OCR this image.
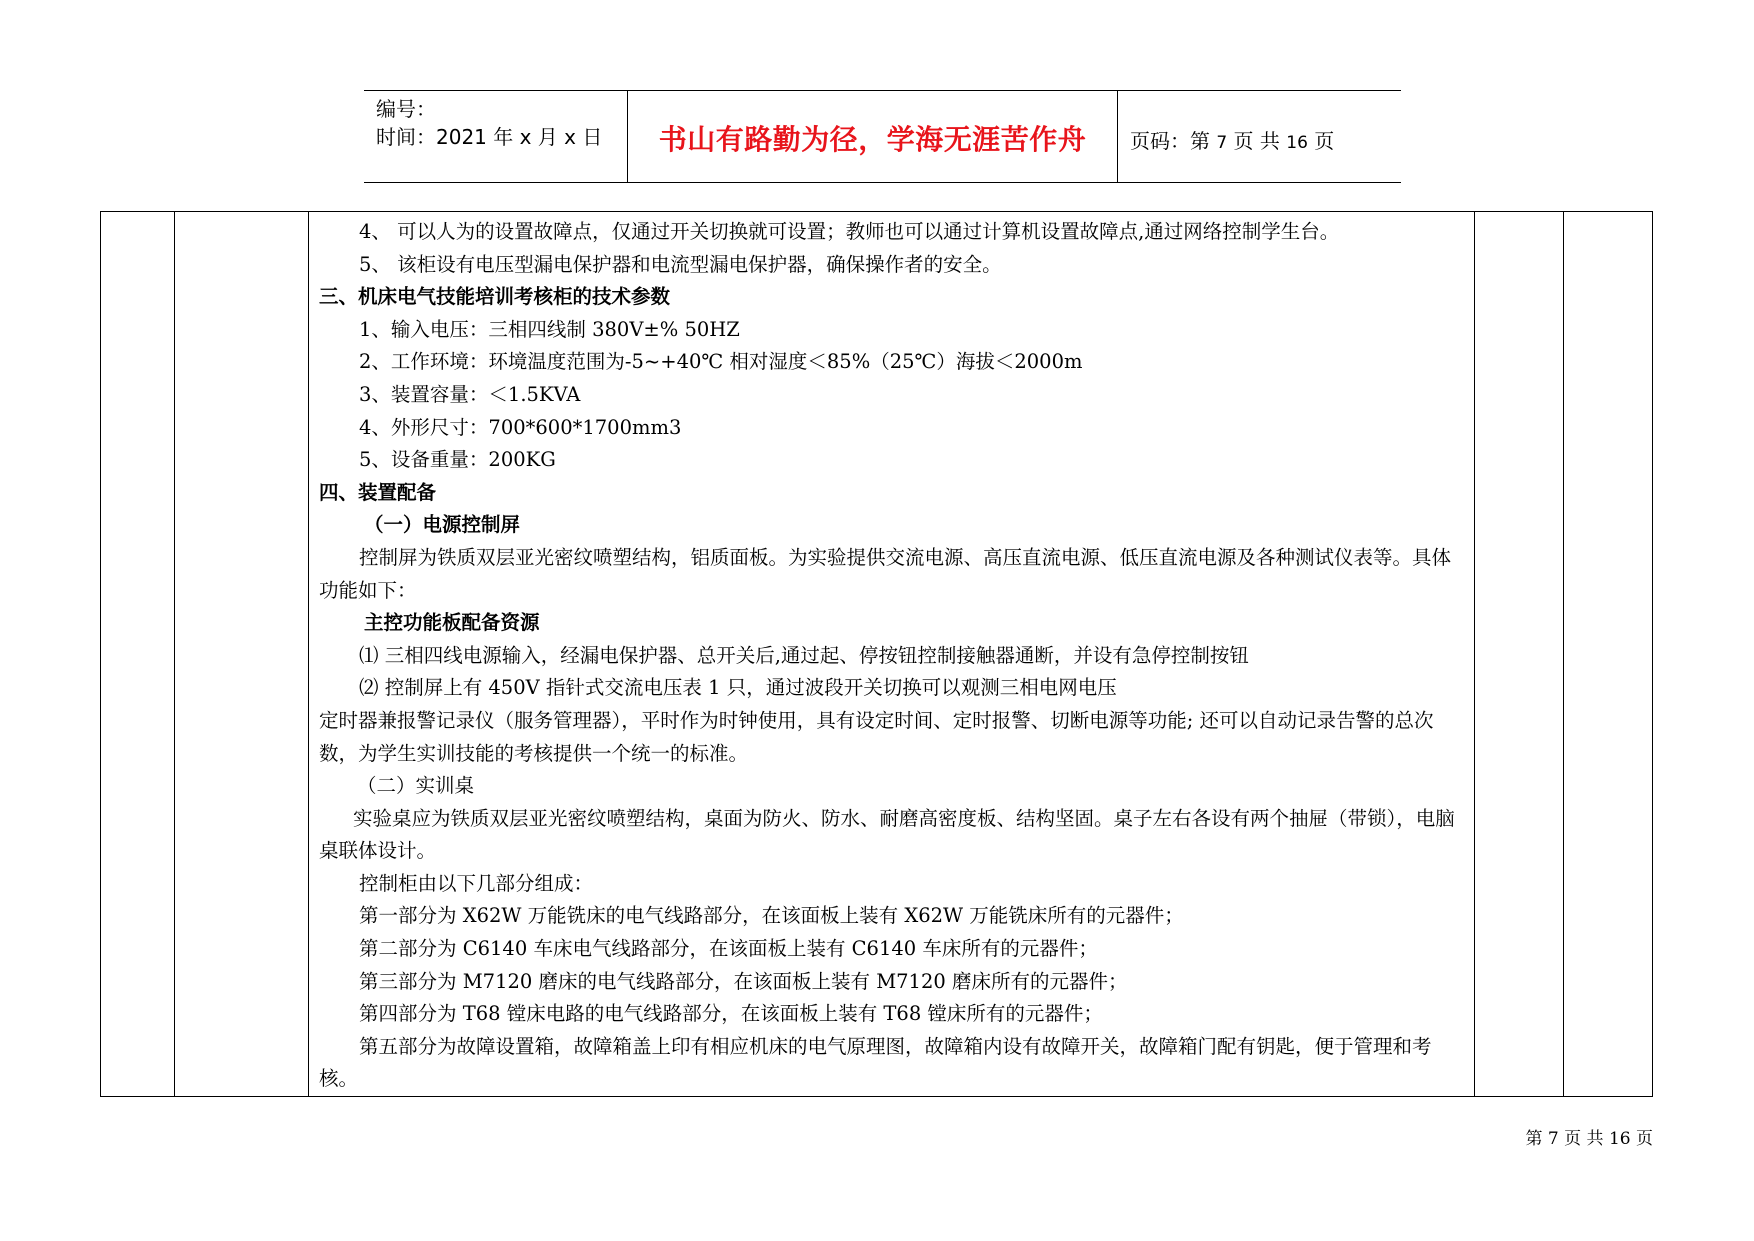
编号：
时间：2021 年 x 月 x 日 书山有路勤为径，学海无涯苦作舟 页码：第 7 页 共 16 页

4、 可以人为的设置故障点，仅通过开关切换就可设置；教师也可以通过计算机设置故障点,通过网络控制学生台。

5、 该柜设有电压型漏电保护器和电流型漏电保护器，确保操作者的安全。

三、机床电气技能培训考核柜的技术参数

1、输入电压：三相四线制 380V±% 50HZ

2、工作环境：环境温度范围为-5~+40℃ 相对湿度＜85%（25℃）海拔＜2000m

3、装置容量：＜1.5KVA

4、外形尺寸：700*600*1700mm3

5、设备重量：200KG

四、装置配备

（一）电源控制屏

控制屏为铁质双层亚光密纹喷塑结构，铝质面板。为实验提供交流电源、高压直流电源、低压直流电源及各种测试仪表等。具体功能如下：

主控功能板配备资源

⑴ 三相四线电源输入，经漏电保护器、总开关后,通过起、停按钮控制接触器通断，并设有急停控制按钮

⑵ 控制屏上有 450V 指针式交流电压表 1 只，通过波段开关切换可以观测三相电网电压

定时器兼报警记录仪（服务管理器），平时作为时钟使用，具有设定时间、定时报警、切断电源等功能; 还可以自动记录告警的总次数，为学生实训技能的考核提供一个统一的标准。

（二）实训桌

实验桌应为铁质双层亚光密纹喷塑结构，桌面为防火、防水、耐磨高密度板、结构坚固。桌子左右各设有两个抽屉（带锁），电脑桌联体设计。

控制柜由以下几部分组成：

第一部分为 X62W 万能铣床的电气线路部分，在该面板上装有 X62W 万能铣床所有的元器件；

第二部分为 C6140 车床电气线路部分，在该面板上装有 C6140 车床所有的元器件；

第三部分为 M7120 磨床的电气线路部分，在该面板上装有 M7120 磨床所有的元器件；

第四部分为 T68 镗床电路的电气线路部分，在该面板上装有 T68 镗床所有的元器件；

第五部分为故障设置箱，故障箱盖上印有相应机床的电气原理图，故障箱内设有故障开关，故障箱门配有钥匙，便于管理和考核。

第 7 页 共 16 页
